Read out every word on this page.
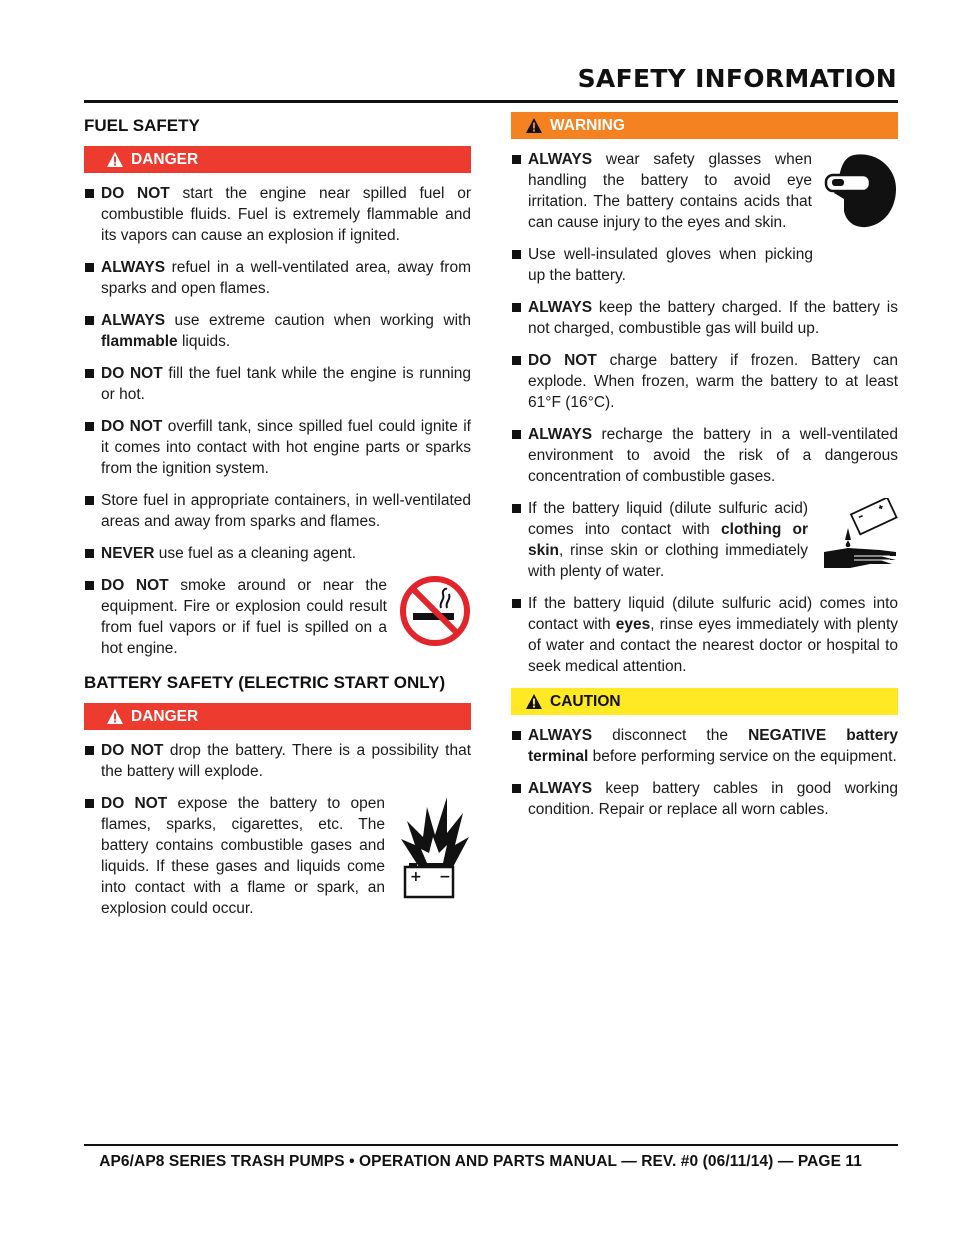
SAFETY INFORMATION
FUEL SAFETY
DANGER
DO NOT start the engine near spilled fuel or combustible fluids. Fuel is extremely flammable and its vapors can cause an explosion if ignited.
ALWAYS refuel in a well-ventilated area, away from sparks and open flames.
ALWAYS use extreme caution when working with flammable liquids.
DO NOT fill the fuel tank while the engine is running or hot.
DO NOT overfill tank, since spilled fuel could ignite if it comes into contact with hot engine parts or sparks from the ignition system.
Store fuel in appropriate containers, in well-ventilated areas and away from sparks and flames.
NEVER use fuel as a cleaning agent.
DO NOT smoke around or near the equipment. Fire or explosion could result from fuel vapors or if fuel is spilled on a hot engine.
BATTERY SAFETY (ELECTRIC START ONLY)
DANGER
DO NOT drop the battery. There is a possibility that the battery will explode.
DO NOT expose the battery to open flames, sparks, cigarettes, etc. The battery contains combustible gases and liquids. If these gases and liquids come into contact with a flame or spark, an explosion could occur.
+ −
WARNING
ALWAYS wear safety glasses when handling the battery to avoid eye irritation. The battery contains acids that can cause injury to the eyes and skin.
Use well-insulated gloves when picking up the battery.
ALWAYS keep the battery charged. If the battery is not charged, combustible gas will build up.
DO NOT charge battery if frozen. Battery can explode. When frozen, warm the battery to at least 61°F (16°C).
ALWAYS recharge the battery in a well-ventilated environment to avoid the risk of a dangerous concentration of combustible gases.
If the battery liquid (dilute sulfuric acid) comes into contact with clothing or skin, rinse skin or clothing immediately with plenty of water.
If the battery liquid (dilute sulfuric acid) comes into contact with eyes, rinse eyes immediately with plenty of water and contact the nearest doctor or hospital to seek medical attention.
CAUTION
ALWAYS disconnect the NEGATIVE battery terminal before performing service on the equipment.
ALWAYS keep battery cables in good working condition. Repair or replace all worn cables.
AP6/AP8 SERIES TRASH PUMPS • OPERATION AND PARTS MANUAL — REV. #0 (06/11/14) — PAGE 11
